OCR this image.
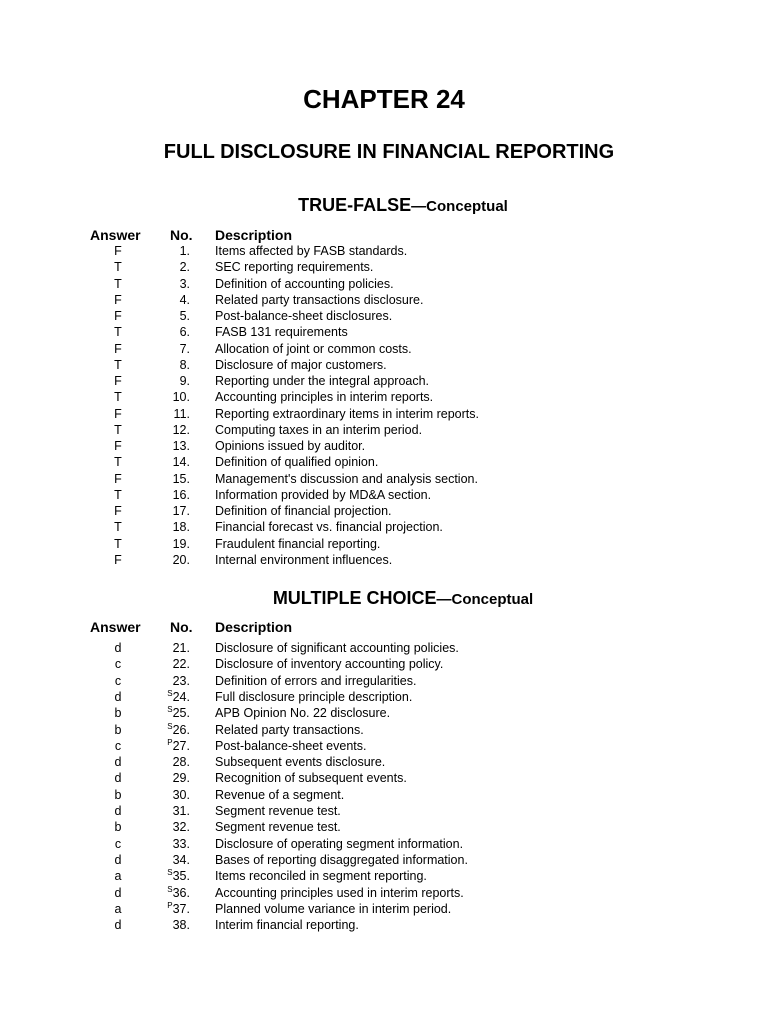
CHAPTER 24
FULL DISCLOSURE IN FINANCIAL REPORTING
TRUE-FALSE—Conceptual
Answer No. Description
F	1. Items affected by FASB standards.
T	2. SEC reporting requirements.
T	3. Definition of accounting policies.
F	4. Related party transactions disclosure.
F	5. Post-balance-sheet disclosures.
T	6. FASB 131 requirements
F	7. Allocation of joint or common costs.
T	8. Disclosure of major customers.
F	9. Reporting under the integral approach.
T	10. Accounting principles in interim reports.
F	11. Reporting extraordinary items in interim reports.
T	12. Computing taxes in an interim period.
F	13. Opinions issued by auditor.
T	14. Definition of qualified opinion.
F	15. Management's discussion and analysis section.
T	16. Information provided by MD&A section.
F	17. Definition of financial projection.
T	18. Financial forecast vs. financial projection.
T	19. Fraudulent financial reporting.
F	20. Internal environment influences.
MULTIPLE CHOICE—Conceptual
Answer No. Description
d	21. Disclosure of significant accounting policies.
c	22. Disclosure of inventory accounting policy.
c	23. Definition of errors and irregularities.
d	$^S$24. Full disclosure principle description.
b	$^S$25. APB Opinion No. 22 disclosure.
b	$^S$26. Related party transactions.
c	$^P$27. Post-balance-sheet events.
d	28. Subsequent events disclosure.
d	29. Recognition of subsequent events.
b	30. Revenue of a segment.
d	31. Segment revenue test.
b	32. Segment revenue test.
c	33. Disclosure of operating segment information.
d	34. Bases of reporting disaggregated information.
a	$^S$35. Items reconciled in segment reporting.
d	$^S$36. Accounting principles used in interim reports.
a	$^P$37. Planned volume variance in interim period.
d	38. Interim financial reporting.
